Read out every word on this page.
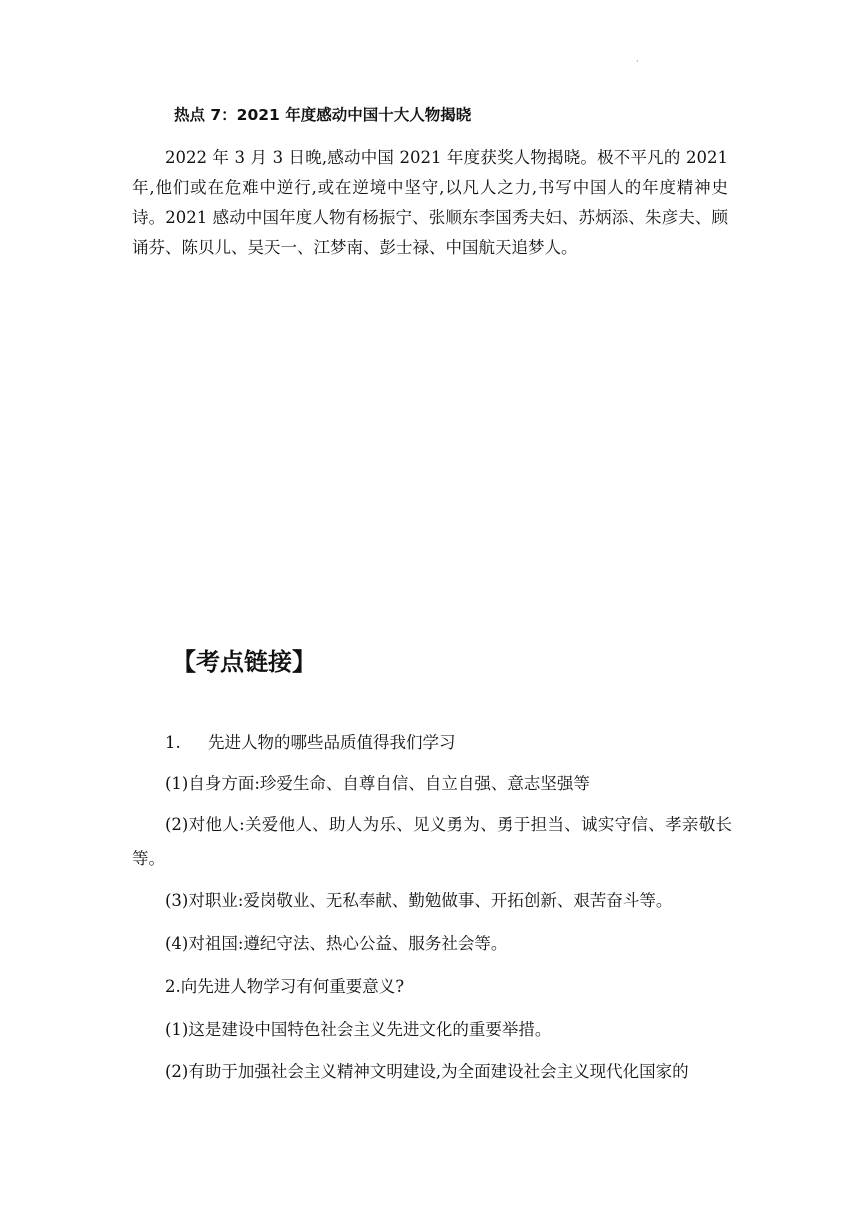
·
热点 7：2021 年度感动中国十大人物揭晓

2022 年 3 月 3 日晚,感动中国 2021 年度获奖人物揭晓。极不平凡的 2021 年,他们或在危难中逆行,或在逆境中坚守,以凡人之力,书写中国人的年度精神史诗。2021 感动中国年度人物有杨振宁、张顺东李国秀夫妇、苏炳添、朱彦夫、顾诵芬、陈贝儿、吴天一、江梦南、彭士禄、中国航天追梦人。

【考点链接】
1. 先进人物的哪些品质值得我们学习
(1)自身方面:珍爱生命、自尊自信、自立自强、意志坚强等

(2)对他人:关爱他人、助人为乐、见义勇为、勇于担当、诚实守信、孝亲敬长等。

(3)对职业:爱岗敬业、无私奉献、勤勉做事、开拓创新、艰苦奋斗等。
(4)对祖国:遵纪守法、热心公益、服务社会等。
2.向先进人物学习有何重要意义?
(1)这是建设中国特色社会主义先进文化的重要举措。
(2)有助于加强社会主义精神文明建设,为全面建设社会主义现代化国家的
